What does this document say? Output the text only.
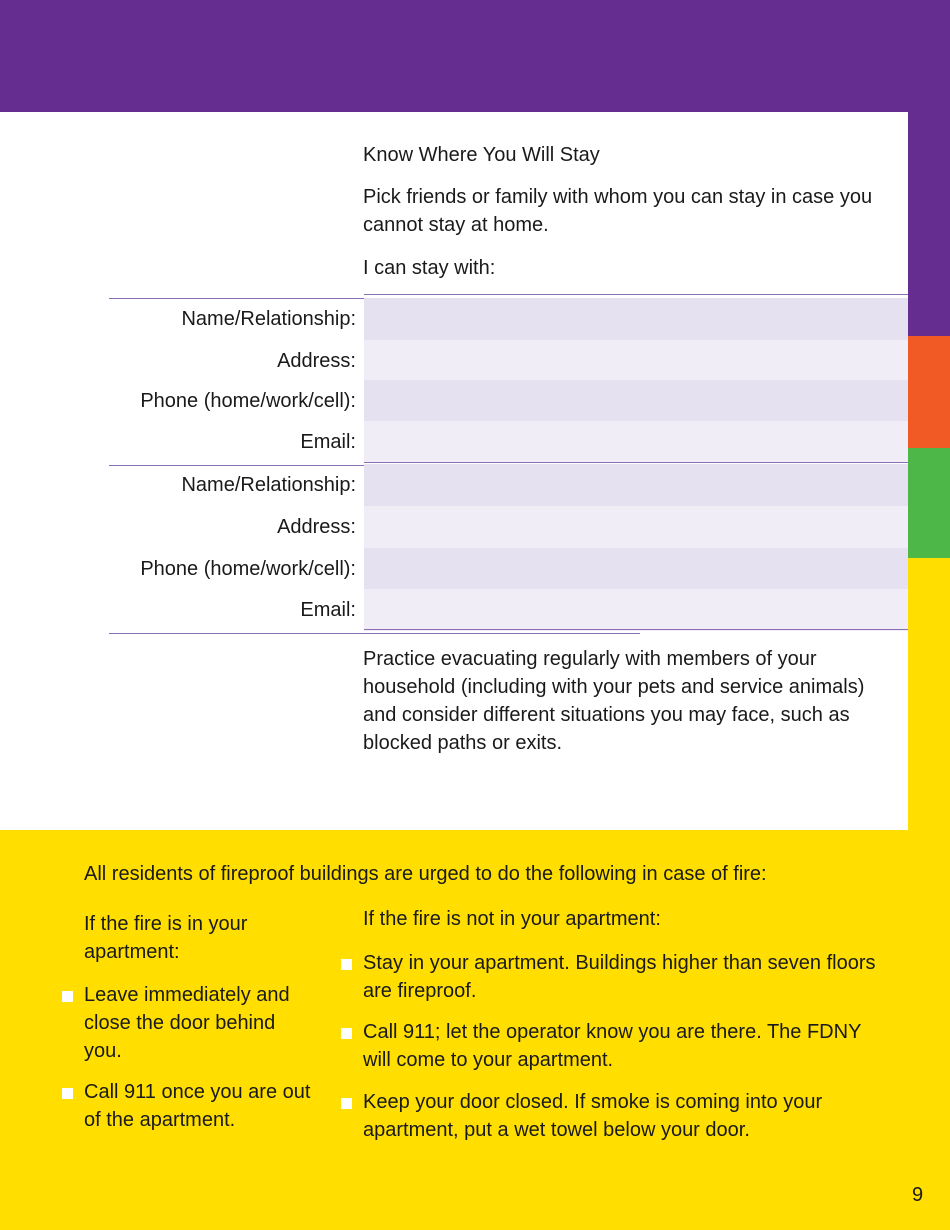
Know Where You Will Stay
Pick friends or family with whom you can stay in case you cannot stay at home.
I can stay with:
Name/Relationship:
Address:
Phone (home/work/cell):
Email:
Name/Relationship:
Address:
Phone (home/work/cell):
Email:
Practice evacuating regularly with members of your household (including with your pets and service animals) and consider different situations you may face, such as blocked paths or exits.
All residents of fireproof buildings are urged to do the following in case of fire:
If the fire is in your apartment:
Leave immediately and close the door behind you.
Call 911 once you are out of the apartment.
If the fire is not in your apartment:
Stay in your apartment. Buildings higher than seven floors are fireproof.
Call 911; let the operator know you are there. The FDNY will come to your apartment.
Keep your door closed. If smoke is coming into your apartment, put a wet towel below your door.
9
